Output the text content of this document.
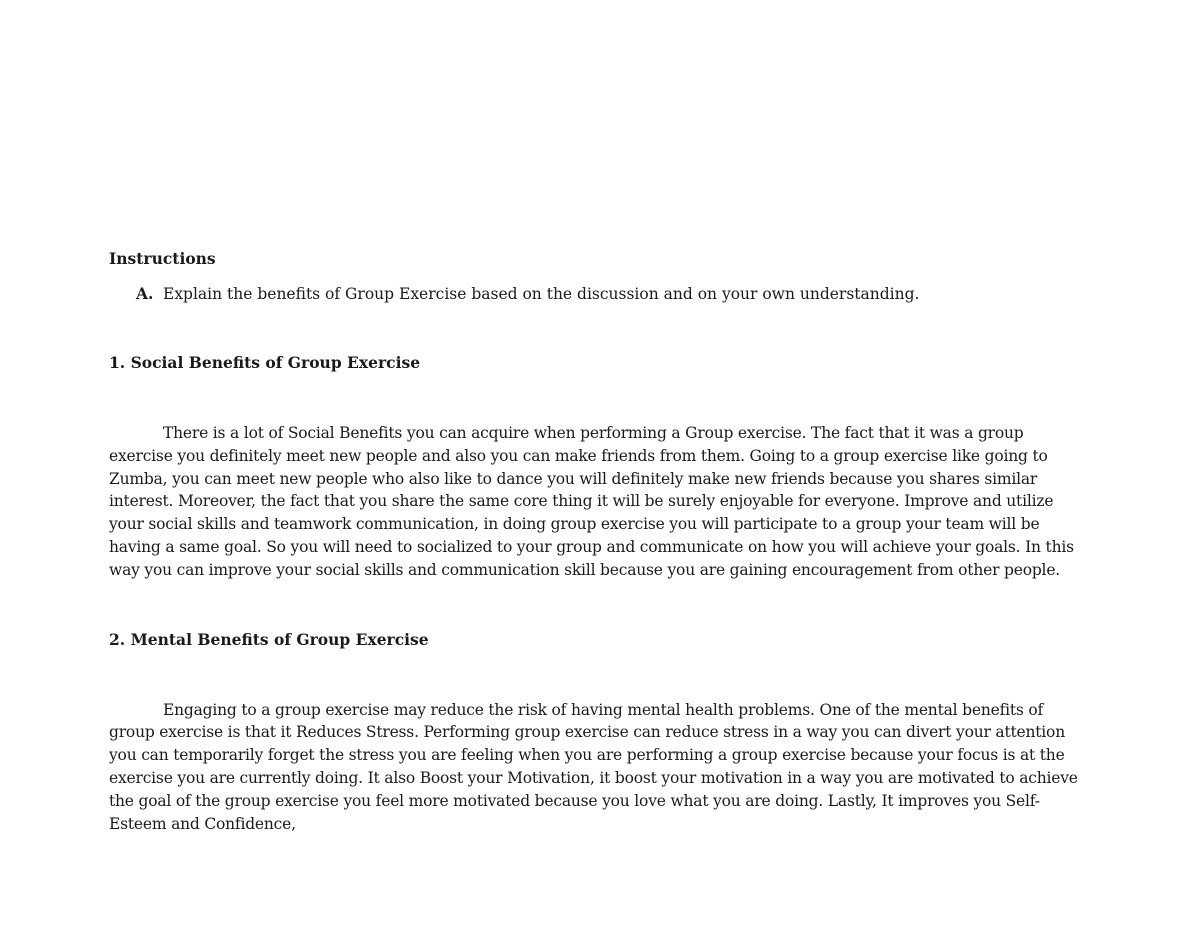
Instructions

A. Explain the benefits of Group Exercise based on the discussion and on your own understanding.

1. Social Benefits of Group Exercise

There is a lot of Social Benefits you can acquire when performing a Group exercise. The fact that it was a group exercise you definitely meet new people and also you can make friends from them. Going to a group exercise like going to Zumba, you can meet new people who also like to dance you will definitely make new friends because you shares similar interest. Moreover, the fact that you share the same core thing it will be surely enjoyable for everyone. Improve and utilize your social skills and teamwork communication, in doing group exercise you will participate to a group your team will be having a same goal. So you will need to socialized to your group and communicate on how you will achieve your goals. In this way you can improve your social skills and communication skill because you are gaining encouragement from other people.

2. Mental Benefits of Group Exercise

Engaging to a group exercise may reduce the risk of having mental health problems. One of the mental benefits of group exercise is that it Reduces Stress. Performing group exercise can reduce stress in a way you can divert your attention you can temporarily forget the stress you are feeling when you are performing a group exercise because your focus is at the exercise you are currently doing. It also Boost your Motivation, it boost your motivation in a way you are motivated to achieve the goal of the group exercise you feel more motivated because you love what you are doing. Lastly, It improves you Self-Esteem and Confidence,
